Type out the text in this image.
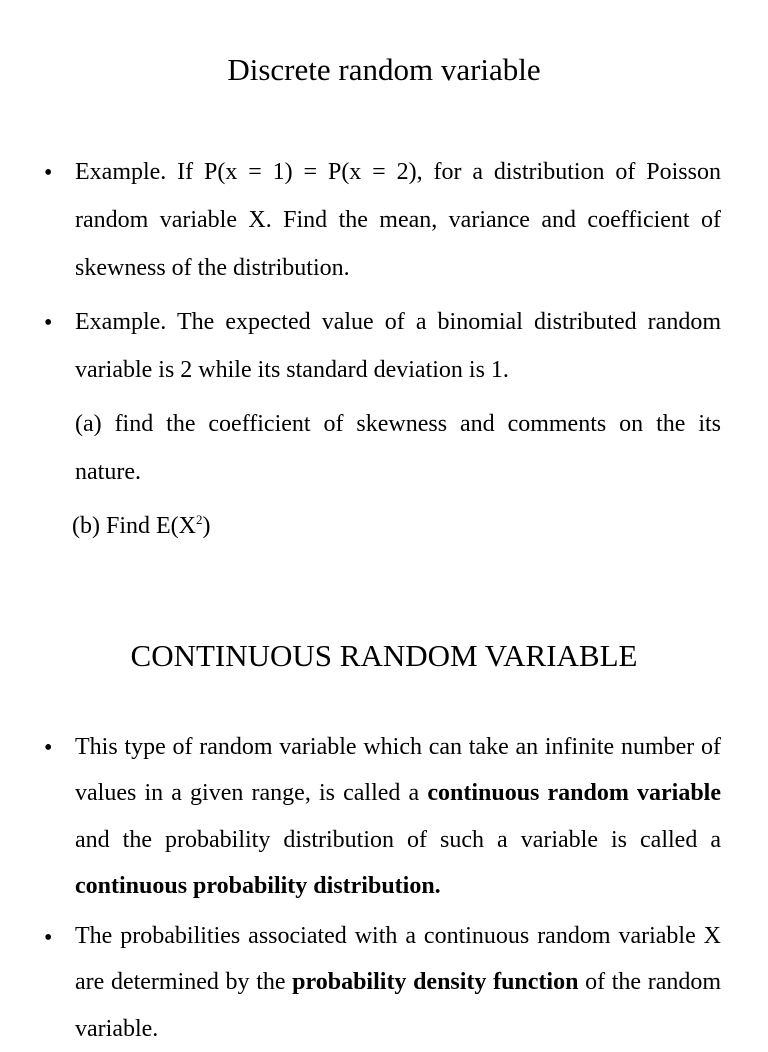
Discrete random variable
• Example. If P(x = 1) = P(x = 2), for a distribution of Poisson random variable X. Find the mean, variance and coefficient of skewness of the distribution.

• Example. The expected value of a binomial distributed random variable is 2 while its standard deviation is 1.

(a) find the coefficient of skewness and comments on the its nature.

(b) Find $E(X^2)$

CONTINUOUS RANDOM VARIABLE
• This type of random variable which can take an infinite number of values in a given range, is called a continuous random variable and the probability distribution of such a variable is called a continuous probability distribution.

• The probabilities associated with a continuous random variable X are determined by the probability density function of the random variable.
